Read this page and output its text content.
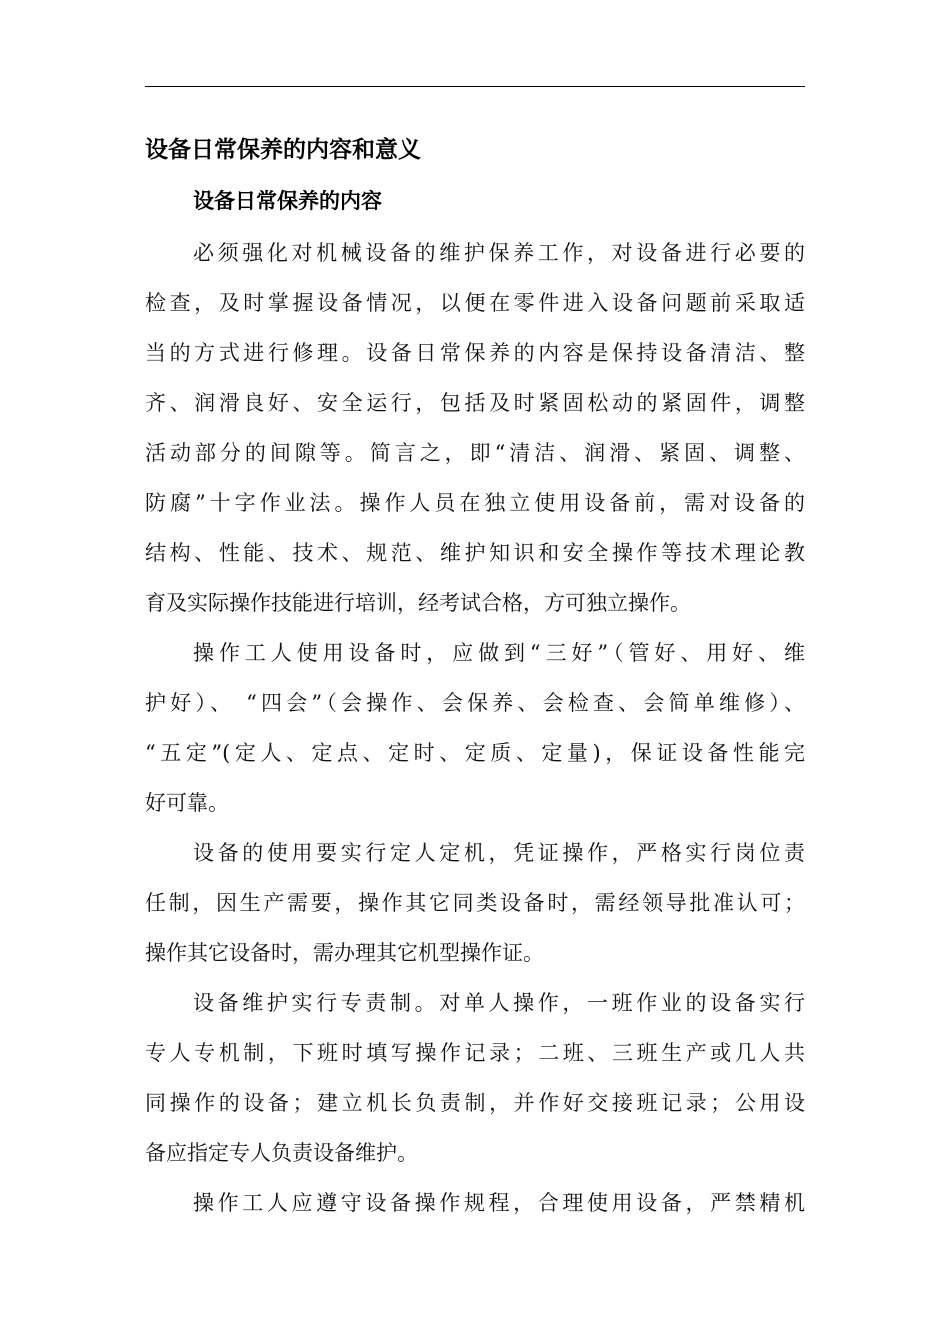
设备日常保养的内容和意义
设备日常保养的内容

必须强化对机械设备的维护保养工作，对设备进行必要的
检查，及时掌握设备情况，以便在零件进入设备问题前采取适
当的方式进行修理。设备日常保养的内容是保持设备清洁、整
齐、润滑良好、安全运行，包括及时紧固松动的紧固件，调整
活动部分的间隙等。简言之，即“清洁、润滑、紧固、调整、
防腐”十字作业法。操作人员在独立使用设备前，需对设备的
结构、性能、技术、规范、维护知识和安全操作等技术理论教
育及实际操作技能进行培训，经考试合格，方可独立操作。

操作工人使用设备时，应做到“三好”（管好、用好、维
护好）、 “四会”（会操作、会保养、会检查、会简单维修）、
“五定”(定人、定点、定时、定质、定量)，保证设备性能完
好可靠。

设备的使用要实行定人定机，凭证操作，严格实行岗位责
任制，因生产需要，操作其它同类设备时，需经领导批准认可；
操作其它设备时，需办理其它机型操作证。

设备维护实行专责制。对单人操作，一班作业的设备实行
专人专机制，下班时填写操作记录；二班、三班生产或几人共
同操作的设备；建立机长负责制，并作好交接班记录；公用设
备应指定专人负责设备维护。

操作工人应遵守设备操作规程，合理使用设备，严禁精机
